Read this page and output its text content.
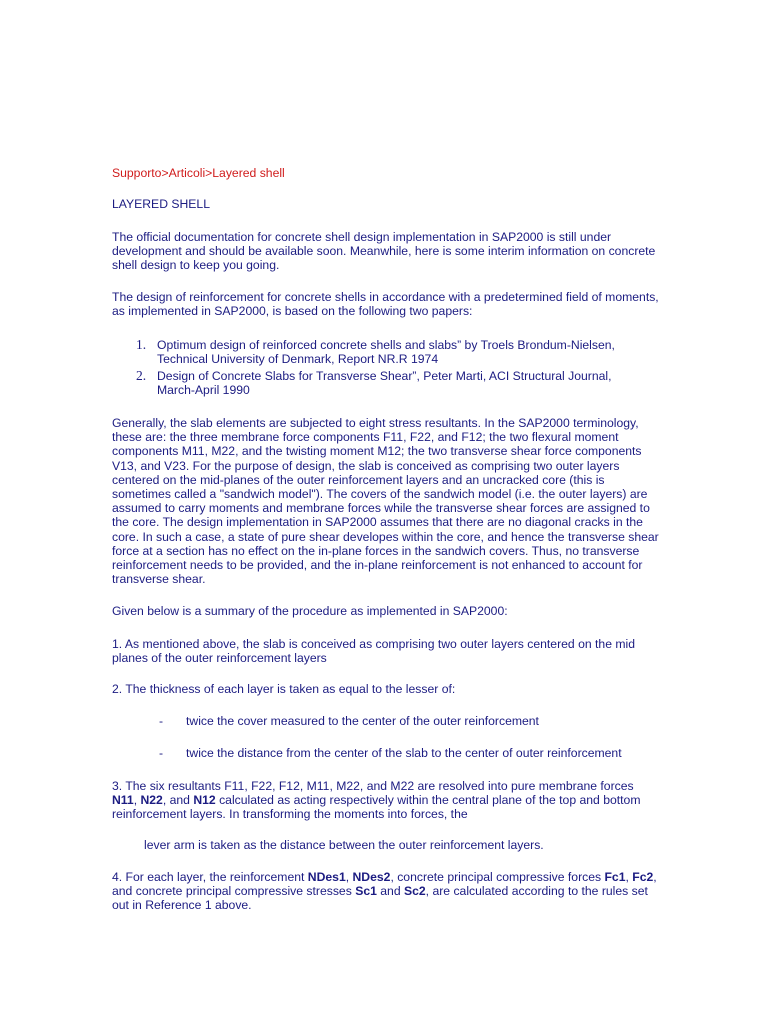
Supporto>Articoli>Layered shell

LAYERED SHELL

The official documentation for concrete shell design implementation in SAP2000 is still under development and should be available soon. Meanwhile, here is some interim information on concrete shell design to keep you going.

The design of reinforcement for concrete shells in accordance with a predetermined field of moments, as implemented in SAP2000, is based on the following two papers:

1. Optimum design of reinforced concrete shells and slabs” by Troels Brondum-Nielsen, Technical University of Denmark, Report NR.R 1974
2. Design of Concrete Slabs for Transverse Shear”, Peter Marti, ACI Structural Journal, March-April 1990

Generally, the slab elements are subjected to eight stress resultants. In the SAP2000 terminology, these are: the three membrane force components F11, F22, and F12; the two flexural moment components M11, M22, and the twisting moment M12; the two transverse shear force components V13, and V23. For the purpose of design, the slab is conceived as comprising two outer layers centered on the mid-planes of the outer reinforcement layers and an uncracked core (this is sometimes called a "sandwich model"). The covers of the sandwich model (i.e. the outer layers) are assumed to carry moments and membrane forces while the transverse shear forces are assigned to the core. The design implementation in SAP2000 assumes that there are no diagonal cracks in the core. In such a case, a state of pure shear developes within the core, and hence the transverse shear force at a section has no effect on the in-plane forces in the sandwich covers. Thus, no transverse reinforcement needs to be provided, and the in-plane reinforcement is not enhanced to account for transverse shear.

Given below is a summary of the procedure as implemented in SAP2000:

1. As mentioned above, the slab is conceived as comprising two outer layers centered on the mid planes of the outer reinforcement layers
2. The thickness of each layer is taken as equal to the lesser of:
- twice the cover measured to the center of the outer reinforcement
- twice the distance from the center of the slab to the center of outer reinforcement
3. The six resultants F11, F22, F12, M11, M22, and M22 are resolved into pure membrane forces N11, N22, and N12 calculated as acting respectively within the central plane of the top and bottom reinforcement layers. In transforming the moments into forces, the
lever arm is taken as the distance between the outer reinforcement layers.
4. For each layer, the reinforcement NDes1, NDes2, concrete principal compressive forces Fc1, Fc2, and concrete principal compressive stresses Sc1 and Sc2, are calculated according to the rules set out in Reference 1 above.
